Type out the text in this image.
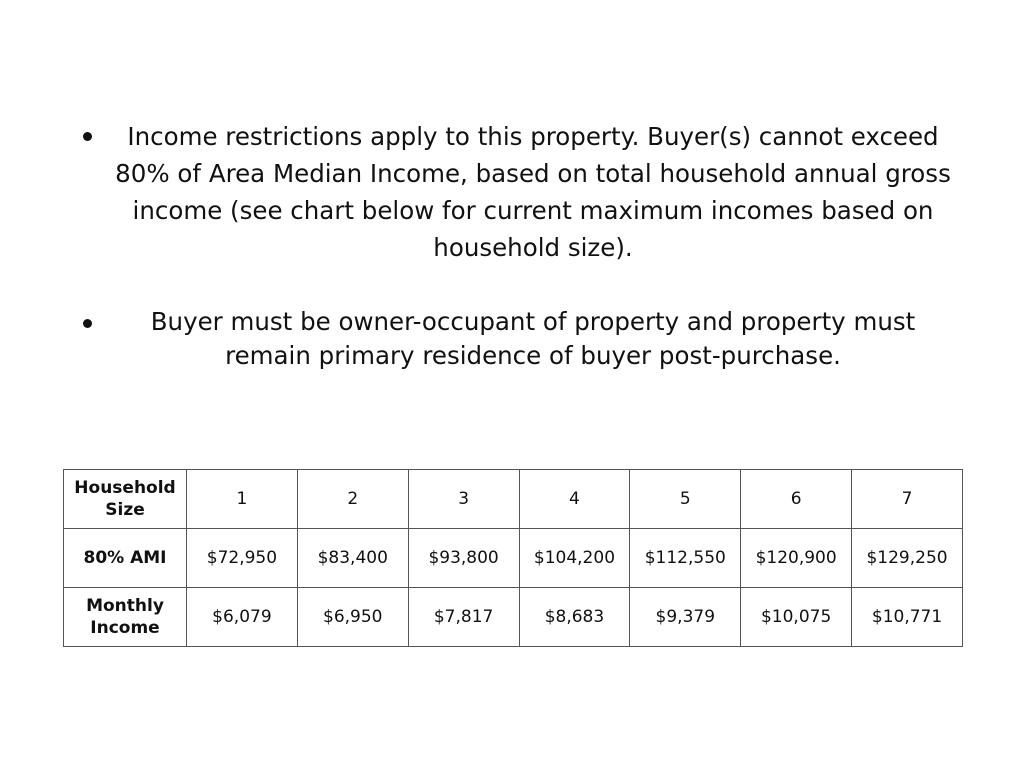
Income restrictions apply to this property. Buyer(s) cannot exceed 80% of Area Median Income, based on total household annual gross income (see chart below for current maximum incomes based on household size).
Buyer must be owner-occupant of property and property must remain primary residence of buyer post-purchase.
Household Size	1	2	3	4	5	6	7
80% AMI	$72,950	$83,400	$93,800	$104,200	$112,550	$120,900	$129,250
Monthly Income	$6,079	$6,950	$7,817	$8,683	$9,379	$10,075	$10,771
